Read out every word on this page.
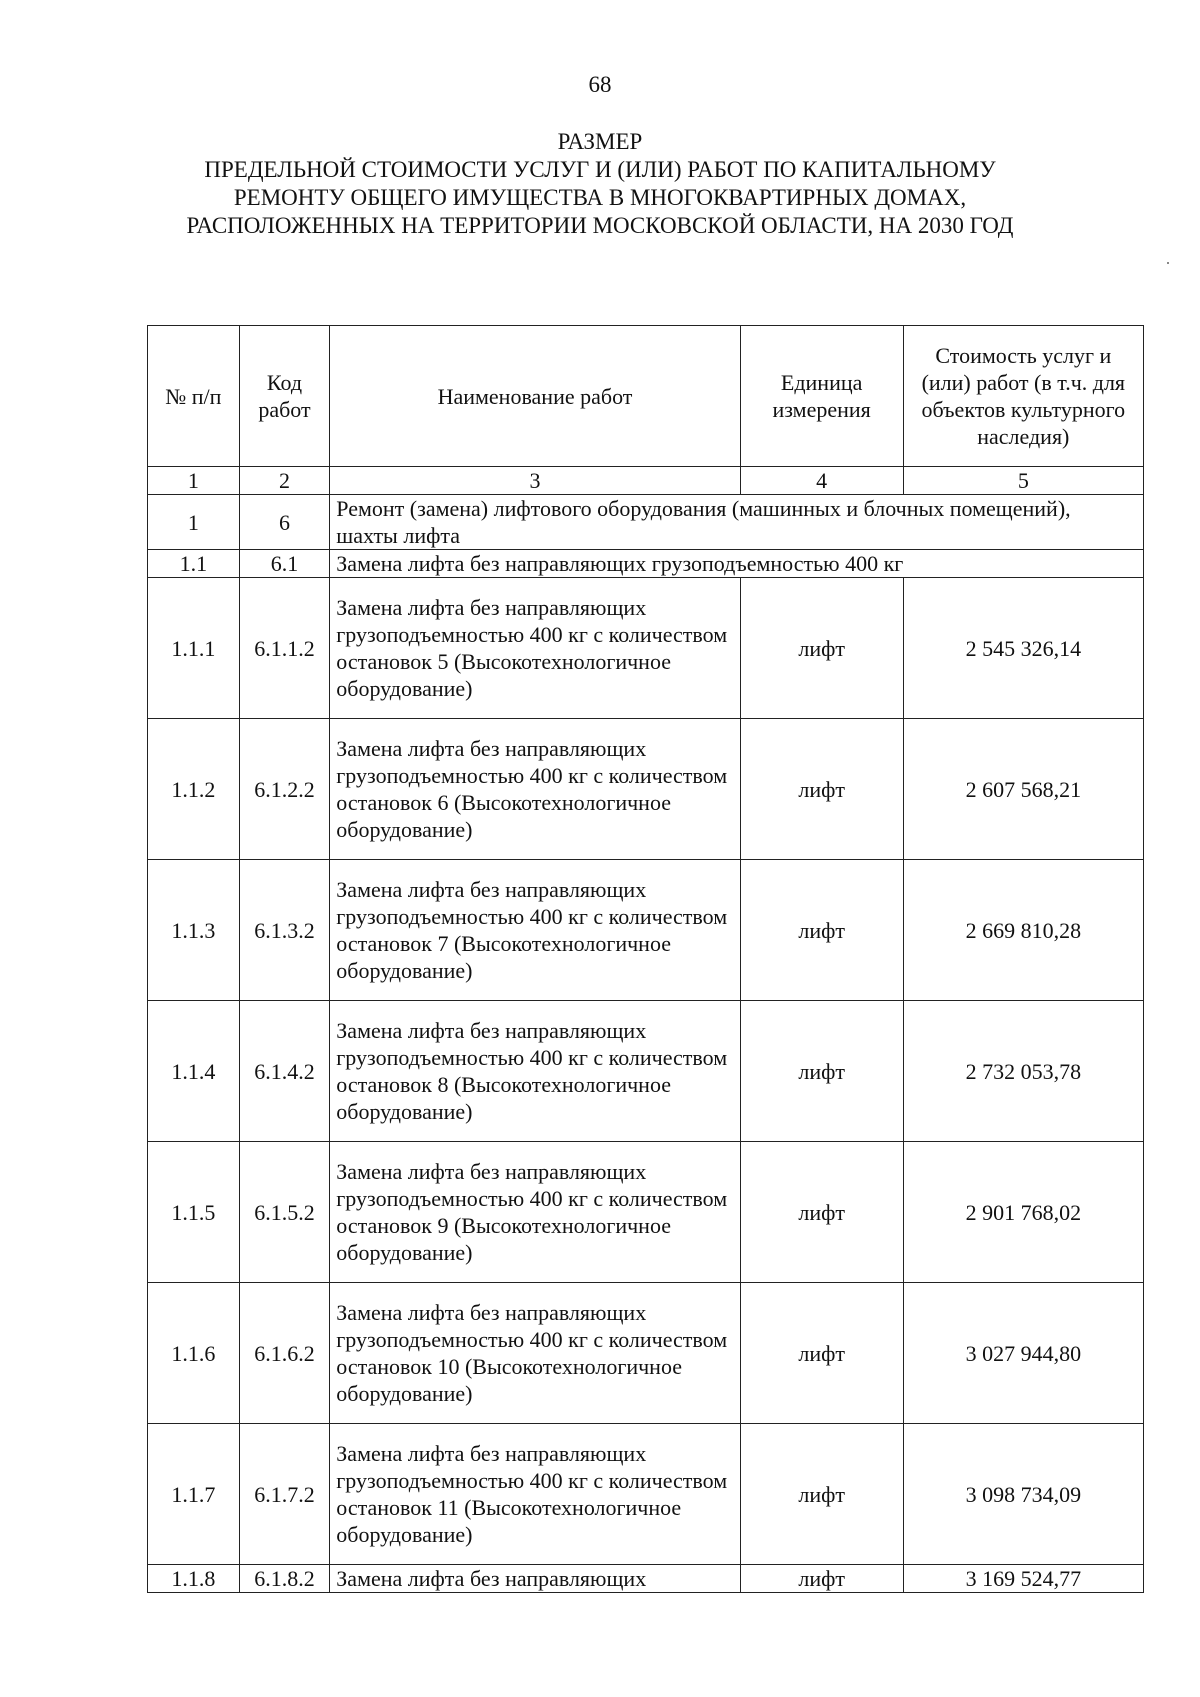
68
РАЗМЕР
ПРЕДЕЛЬНОЙ СТОИМОСТИ УСЛУГ И (ИЛИ) РАБОТ ПО КАПИТАЛЬНОМУ
РЕМОНТУ ОБЩЕГО ИМУЩЕСТВА В МНОГОКВАРТИРНЫХ ДОМАХ,
РАСПОЛОЖЕННЫХ НА ТЕРРИТОРИИ МОСКОВСКОЙ ОБЛАСТИ, НА 2030 ГОД
№ п/п	Код работ	Наименование работ	Единица измерения	Стоимость услуг и (или) работ (в т.ч. для объектов культурного наследия)
1	2	3	4	5
1	6	Ремонт (замена) лифтового оборудования (машинных и блочных помещений), шахты лифта		
1.1	6.1	Замена лифта без направляющих грузоподъемностью 400 кг		
1.1.1	6.1.1.2	Замена лифта без направляющих грузоподъемностью 400 кг с количеством остановок 5 (Высокотехнологичное оборудование)	лифт	2 545 326,14
1.1.2	6.1.2.2	Замена лифта без направляющих грузоподъемностью 400 кг с количеством остановок 6 (Высокотехнологичное оборудование)	лифт	2 607 568,21
1.1.3	6.1.3.2	Замена лифта без направляющих грузоподъемностью 400 кг с количеством остановок 7 (Высокотехнологичное оборудование)	лифт	2 669 810,28
1.1.4	6.1.4.2	Замена лифта без направляющих грузоподъемностью 400 кг с количеством остановок 8 (Высокотехнологичное оборудование)	лифт	2 732 053,78
1.1.5	6.1.5.2	Замена лифта без направляющих грузоподъемностью 400 кг с количеством остановок 9 (Высокотехнологичное оборудование)	лифт	2 901 768,02
1.1.6	6.1.6.2	Замена лифта без направляющих грузоподъемностью 400 кг с количеством остановок 10 (Высокотехнологичное оборудование)	лифт	3 027 944,80
1.1.7	6.1.7.2	Замена лифта без направляющих грузоподъемностью 400 кг с количеством остановок 11 (Высокотехнологичное оборудование)	лифт	3 098 734,09
1.1.8	6.1.8.2	Замена лифта без направляющих	лифт	3 169 524,77
